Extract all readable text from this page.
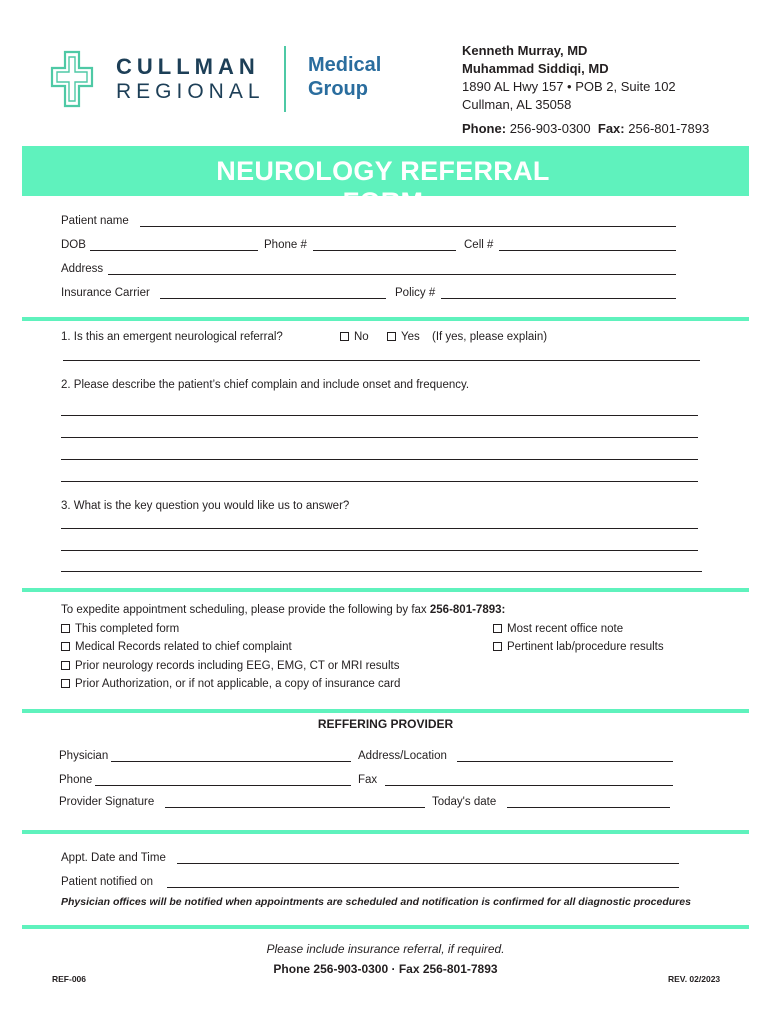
CULLMAN
REGIONAL
Medical
Group
Kenneth Murray, MD
Muhammad Siddiqi, MD
1890 AL Hwy 157 • POB 2, Suite 102
Cullman, AL 35058
Phone: 256-903-0300 Fax: 256-801-7893
NEUROLOGY REFERRAL FORM
Patient name
DOB	Phone #	Cell #
Address
Insurance Carrier	Policy #
1. Is this an emergent neurological referral?	No	Yes (If yes, please explain)
2. Please describe the patient’s chief complain and include onset and frequency.
3. What is the key question you would like us to answer?
To expedite appointment scheduling, please provide the following by fax 256-801-7893:
This completed form
Medical Records related to chief complaint
Prior neurology records including EEG, EMG, CT or MRI results
Prior Authorization, or if not applicable, a copy of insurance card
Most recent office note
Pertinent lab/procedure results
REFFERING PROVIDER
Physician	Address/Location
Phone	Fax
Provider Signature	Today's date
Appt. Date and Time
Patient notified on
Physician offices will be notified when appointments are scheduled and notification is confirmed for all diagnostic procedures
Please include insurance referral, if required.
Phone 256-903-0300 · Fax 256-801-7893
REF-006	REV. 02/2023
